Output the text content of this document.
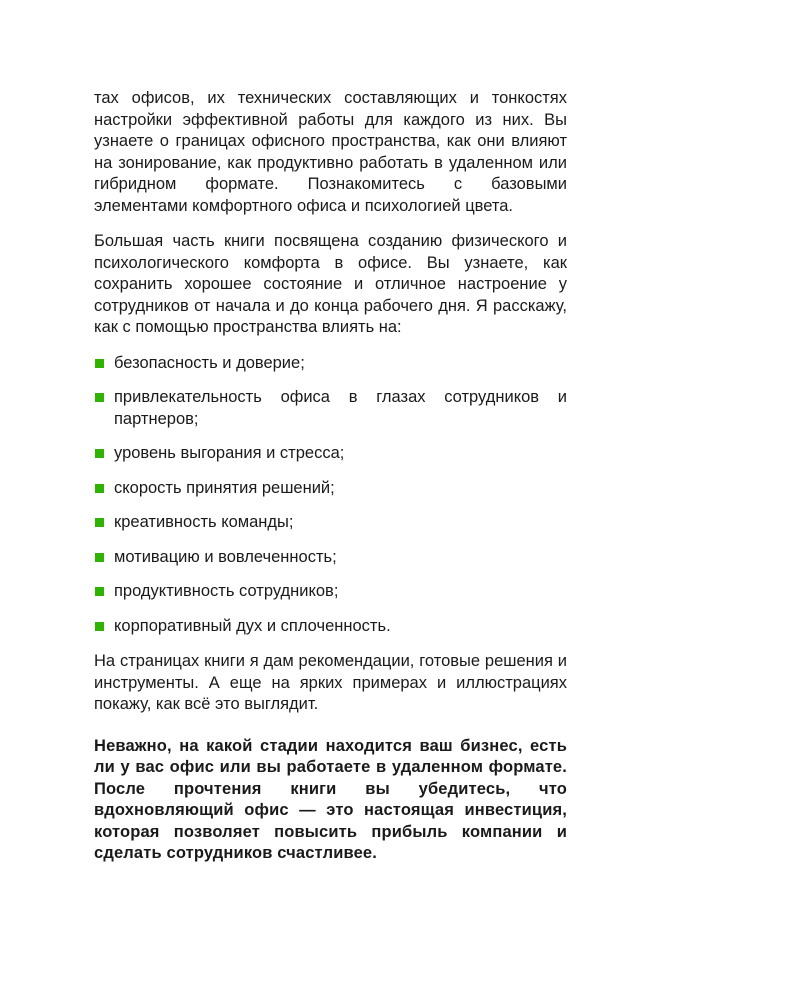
тах офисов, их технических составляющих и тонкостях настройки эффективной работы для каждого из них. Вы узнаете о границах офисного пространства, как они влияют на зонирование, как продуктивно работать в удаленном или гибридном формате. Познакомитесь с базовыми элементами комфортного офиса и психологией цвета.

Большая часть книги посвящена созданию физического и психологического комфорта в офисе. Вы узнаете, как сохранить хорошее состояние и отличное настроение у сотрудников от начала и до конца рабочего дня. Я расскажу, как с помощью пространства влиять на:

безопасность и доверие;
привлекательность офиса в глазах сотрудников и партнеров;
уровень выгорания и стресса;
скорость принятия решений;
креативность команды;
мотивацию и вовлеченность;
продуктивность сотрудников;
корпоративный дух и сплоченность.

На страницах книги я дам рекомендации, готовые решения и инструменты. А еще на ярких примерах и иллюстрациях покажу, как всё это выглядит.

Неважно, на какой стадии находится ваш бизнес, есть ли у вас офис или вы работаете в удаленном формате. После прочтения книги вы убедитесь, что вдохновляющий офис — это настоящая инвестиция, которая позволяет повысить прибыль компании и сделать сотрудников счастливее.
